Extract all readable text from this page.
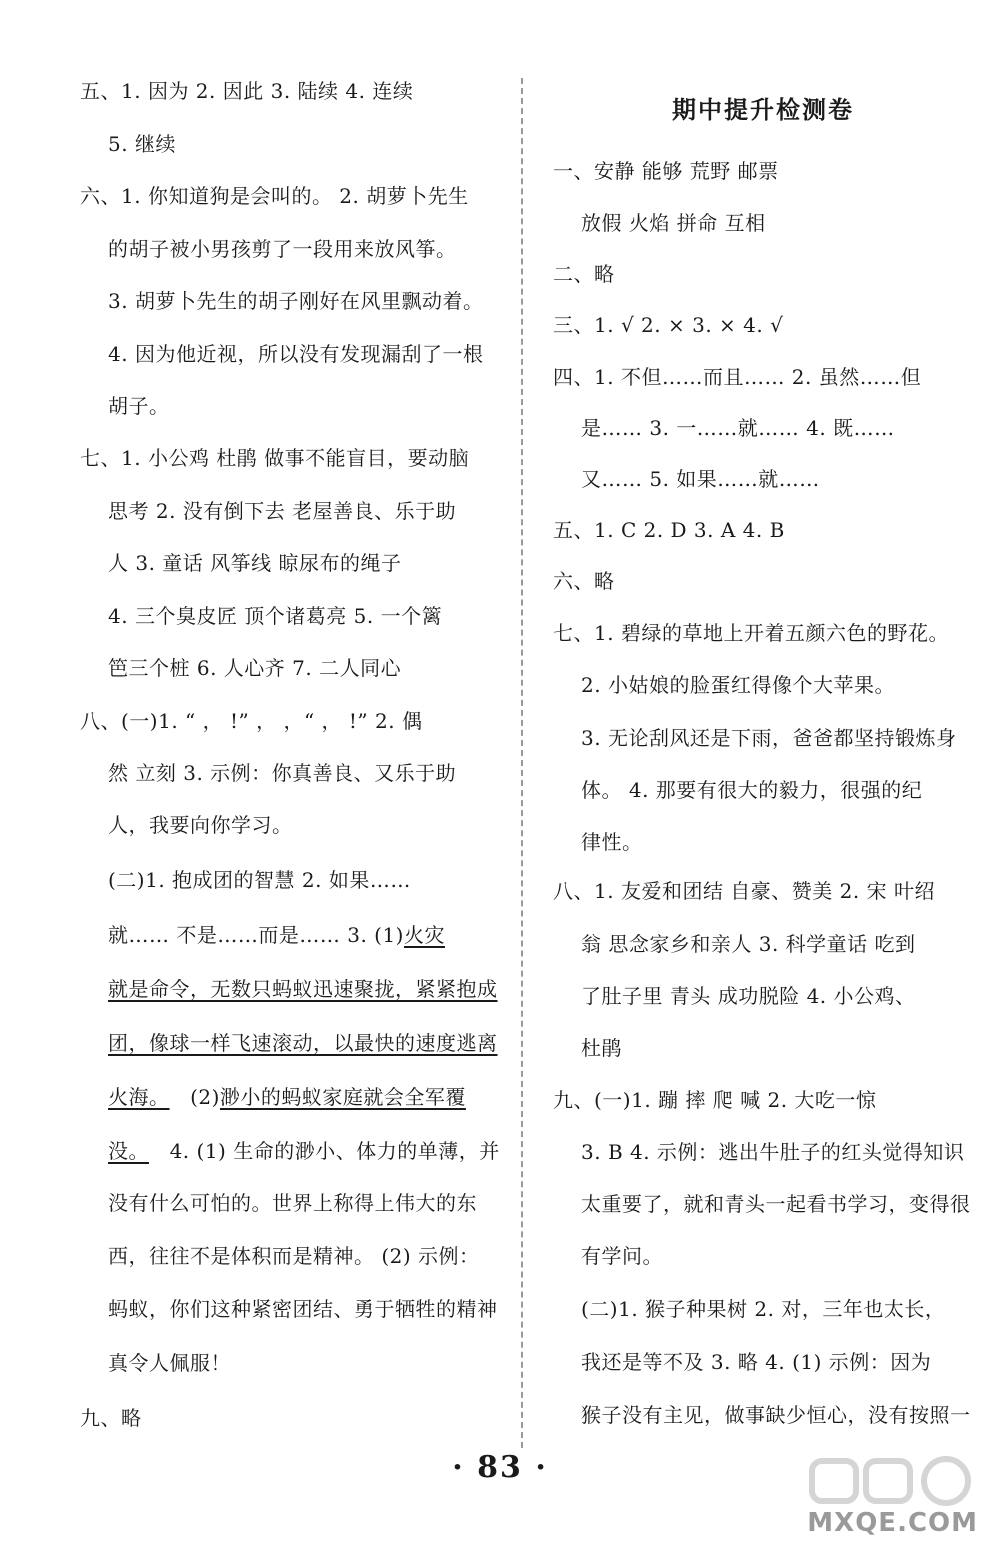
五、1. 因为 2. 因此 3. 陆续 4. 连续
5. 继续
六、1. 你知道狗是会叫的。 2. 胡萝卜先生
的胡子被小男孩剪了一段用来放风筝。
3. 胡萝卜先生的胡子刚好在风里飘动着。
4. 因为他近视，所以没有发现漏刮了一根
胡子。
七、1. 小公鸡 杜鹃 做事不能盲目，要动脑
思考 2. 没有倒下去 老屋善良、乐于助
人 3. 童话 风筝线 晾尿布的绳子
4. 三个臭皮匠 顶个诸葛亮 5. 一个篱
笆三个桩 6. 人心齐 7. 二人同心
八、(一)1. “ ， !” ， ，“ ， !” 2. 偶
然 立刻 3. 示例：你真善良、又乐于助
人，我要向你学习。
(二)1. 抱成团的智慧 2. 如果……
就…… 不是……而是…… 3. (1)火灾
就是命令，无数只蚂蚁迅速聚拢，紧紧抱成
团，像球一样飞速滚动，以最快的速度逃离
火海。 (2)渺小的蚂蚁家庭就会全军覆
没。 4. (1) 生命的渺小、体力的单薄，并
没有什么可怕的。世界上称得上伟大的东
西，往往不是体积而是精神。 (2) 示例：
蚂蚁，你们这种紧密团结、勇于牺牲的精神
真令人佩服！
九、略
期中提升检测卷
一、安静 能够 荒野 邮票
放假 火焰 拼命 互相
二、略
三、1. √ 2. × 3. × 4. √
四、1. 不但……而且…… 2. 虽然……但
是…… 3. 一……就…… 4. 既……
又…… 5. 如果……就……
五、1. C 2. D 3. A 4. B
六、略
七、1. 碧绿的草地上开着五颜六色的野花。
2. 小姑娘的脸蛋红得像个大苹果。
3. 无论刮风还是下雨，爸爸都坚持锻炼身
体。 4. 那要有很大的毅力，很强的纪
律性。
八、1. 友爱和团结 自豪、赞美 2. 宋 叶绍
翁 思念家乡和亲人 3. 科学童话 吃到
了肚子里 青头 成功脱险 4. 小公鸡、
杜鹃
九、(一)1. 蹦 摔 爬 喊 2. 大吃一惊
3. B 4. 示例：逃出牛肚子的红头觉得知识
太重要了，就和青头一起看书学习，变得很
有学问。
(二)1. 猴子种果树 2. 对，三年也太长，
我还是等不及 3. 略 4. (1) 示例：因为
猴子没有主见，做事缺少恒心，没有按照一
· 83 ·
MXQE.COM
